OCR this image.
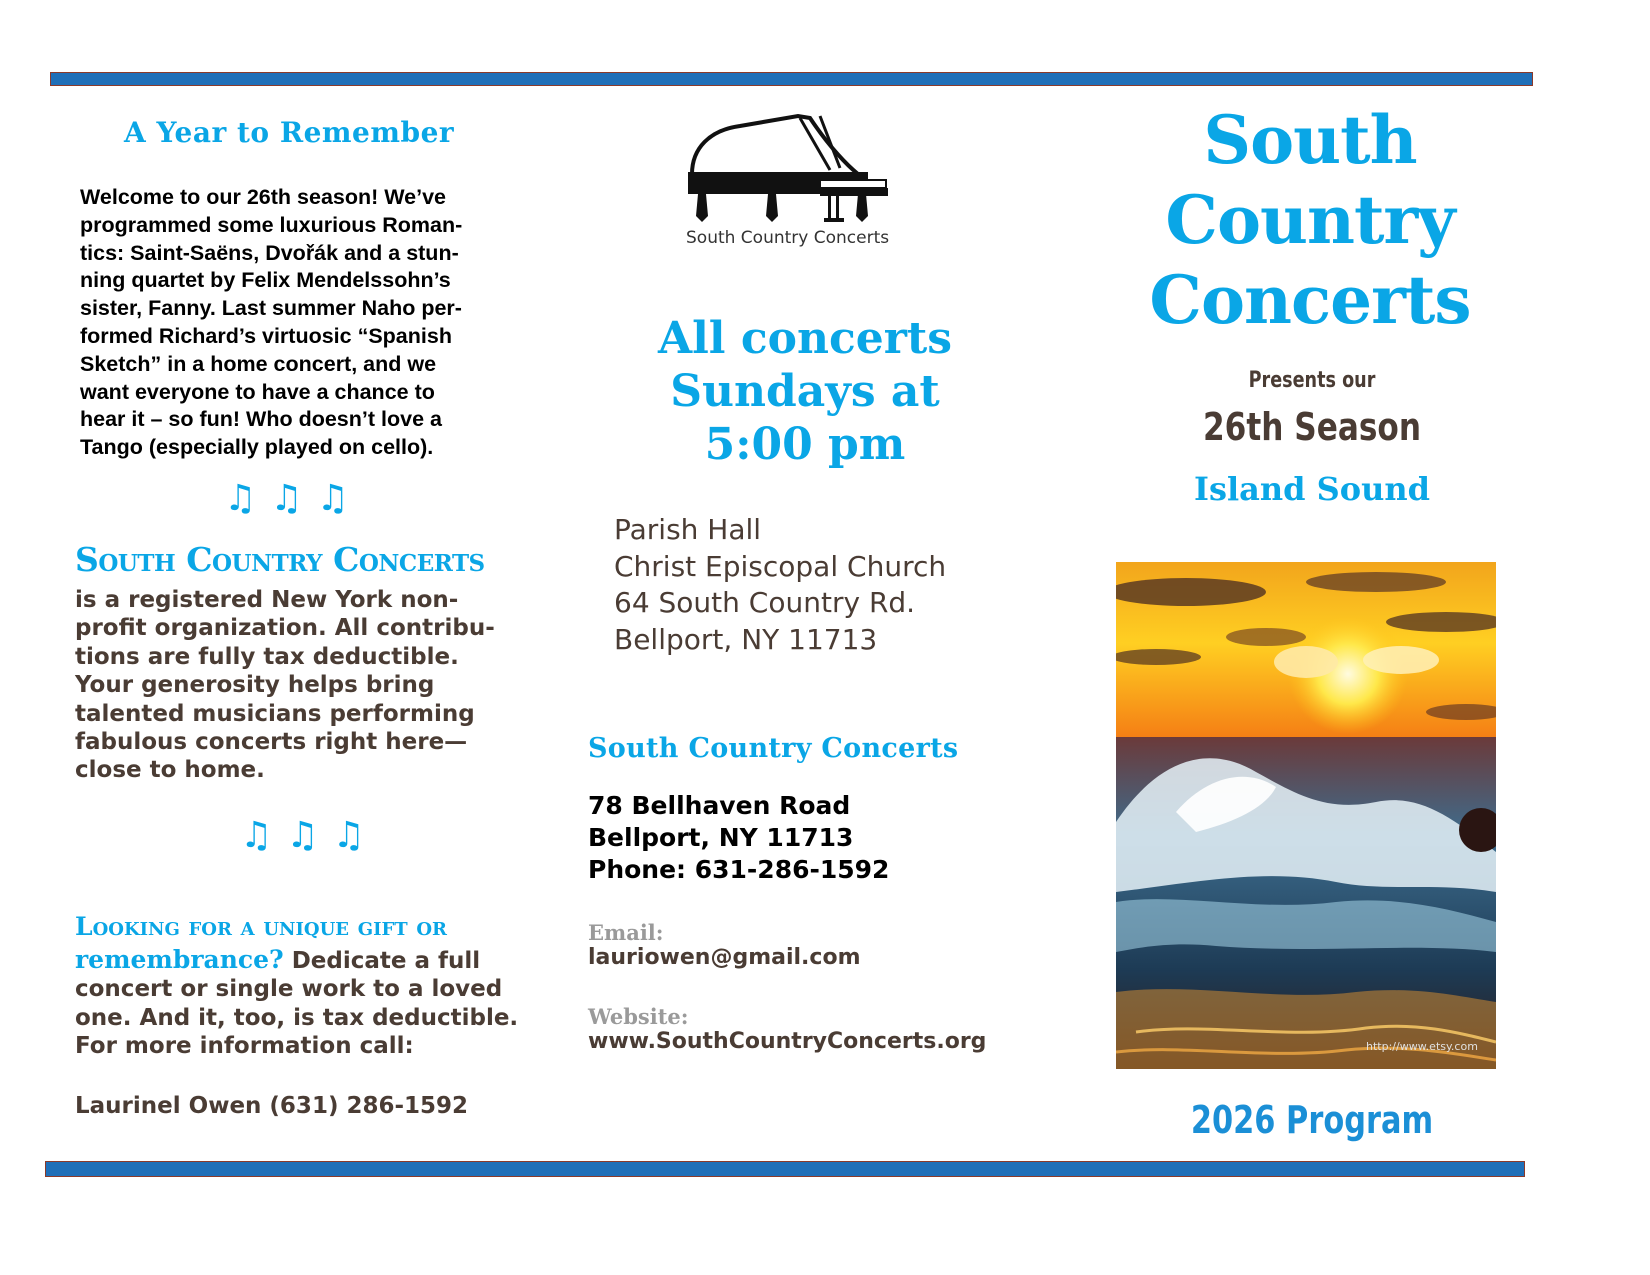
A Year to Remember
Welcome to our 26th season! We’ve
programmed some luxurious Roman-
tics: Saint-Saëns, Dvořák and a stun-
ning quartet by Felix Mendelssohn’s
sister, Fanny. Last summer Naho per-
formed Richard’s virtuosic “Spanish
Sketch” in a home concert, and we
want everyone to have a chance to
hear it – so fun! Who doesn’t love a
Tango (especially played on cello).
♫♫♫
South Country Concerts
is a registered New York non-
profit organization. All contribu-
tions are fully tax deductible.
Your generosity helps bring
talented musicians performing
fabulous concerts right here—
close to home.
♫♫♫
Looking for a unique gift or
remembrance? Dedicate a full
concert or single work to a loved
one. And it, too, is tax deductible.
For more information call:
Laurinel Owen (631) 286-1592
South Country Concerts
All concerts
Sundays at
5:00 pm
Parish Hall
Christ Episcopal Church
64 South Country Rd.
Bellport, NY 11713
South Country Concerts
78 Bellhaven Road
Bellport, NY 11713
Phone: 631-286-1592
Email:
lauriowen@gmail.com
Website:
www.SouthCountryConcerts.org
South
Country
Concerts
Presents our
26th Season
Island Sound
http://www.etsy.com
2026 Program
